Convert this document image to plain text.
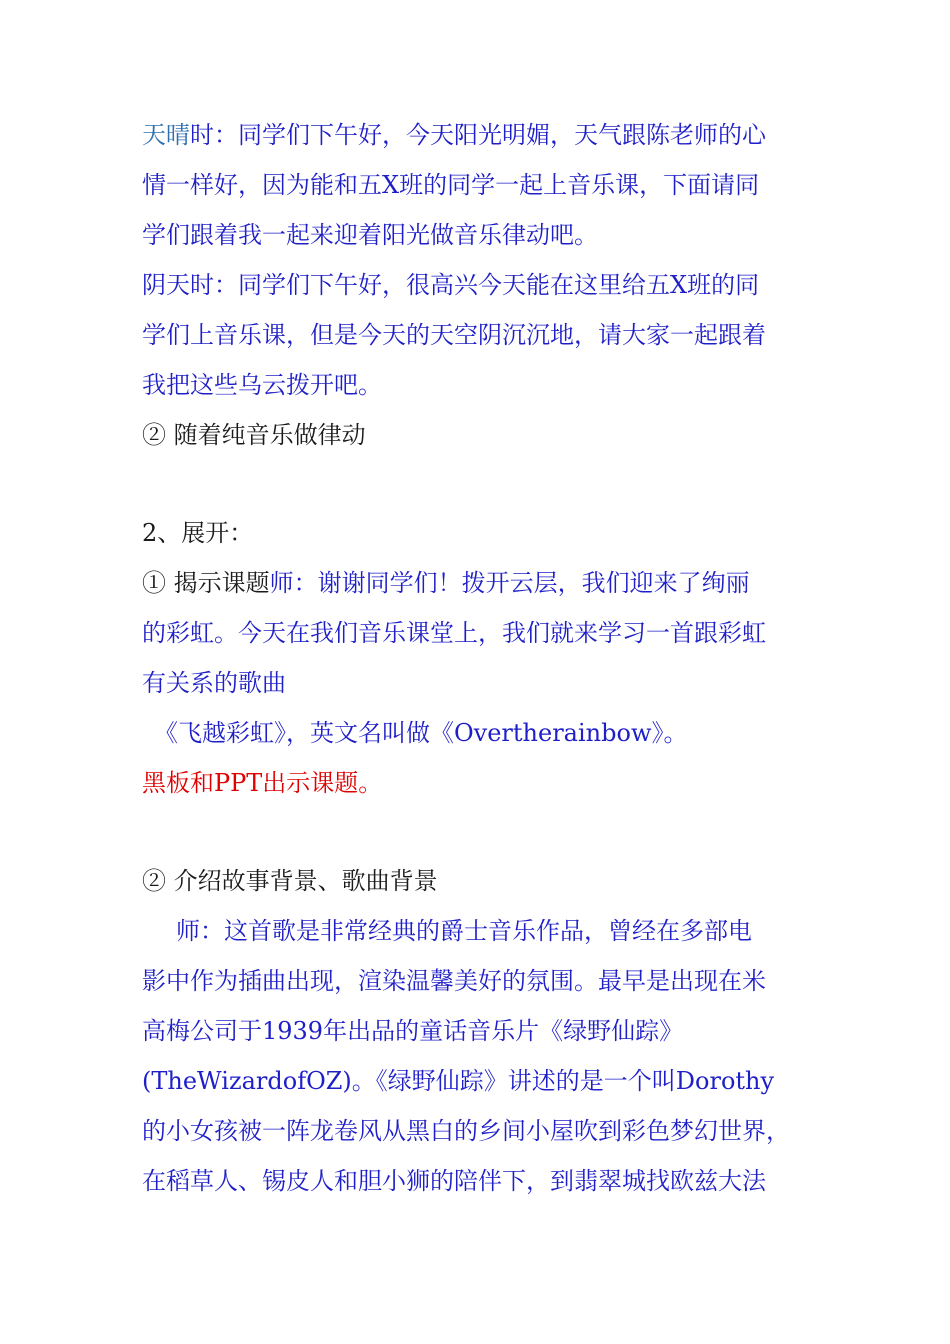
天晴时：同学们下午好，今天阳光明媚，天气跟陈老师的心
情一样好，因为能和五X班的同学一起上音乐课，下面请同
学们跟着我一起来迎着阳光做音乐律动吧。
阴天时：同学们下午好，很高兴今天能在这里给五X班的同
学们上音乐课，但是今天的天空阴沉沉地，请大家一起跟着
我把这些乌云拨开吧。
② 随着纯音乐做律动
2、展开：
① 揭示课题师：谢谢同学们！拨开云层，我们迎来了绚丽
的彩虹。今天在我们音乐课堂上，我们就来学习一首跟彩虹
有关系的歌曲
《飞越彩虹》，英文名叫做《Overtherainbow》。
黑板和PPT出示课题。
② 介绍故事背景、歌曲背景
师：这首歌是非常经典的爵士音乐作品，曾经在多部电
影中作为插曲出现，渲染温馨美好的氛围。最早是出现在米
高梅公司于1939年出品的童话音乐片《绿野仙踪》
(TheWizardofOZ)。《绿野仙踪》讲述的是一个叫Dorothy
的小女孩被一阵龙卷风从黑白的乡间小屋吹到彩色梦幻世界，
在稻草人、锡皮人和胆小狮的陪伴下，到翡翠城找欧兹大法
